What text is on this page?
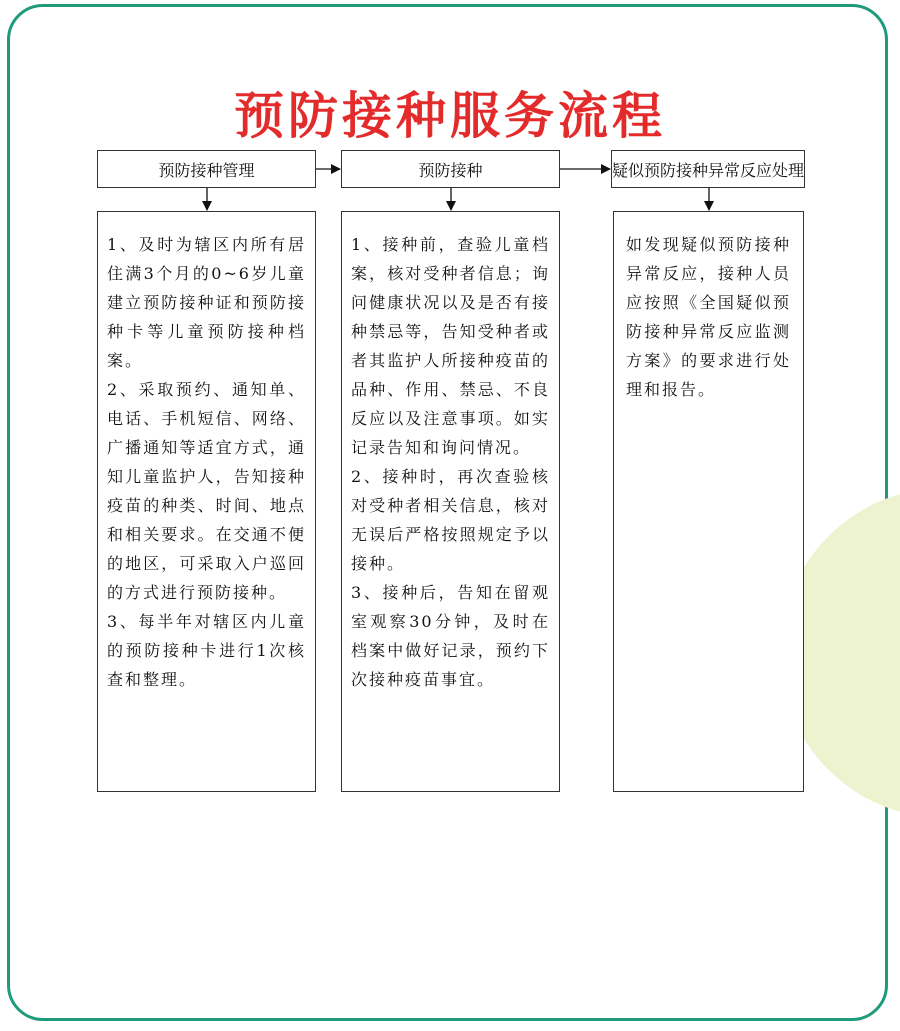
预防接种服务流程
预防接种管理

1、及时为辖区内所有居住满3个月的0~6岁儿童建立预防接种证和预防接种卡等儿童预防接种档案。

2、采取预约、通知单、电话、手机短信、网络、广播通知等适宜方式，通知儿童监护人，告知接种疫苗的种类、时间、地点和相关要求。在交通不便的地区，可采取入户巡回的方式进行预防接种。

3、每半年对辖区内儿童的预防接种卡进行1次核查和整理。

预防接种

1、接种前，查验儿童档案，核对受种者信息；询问健康状况以及是否有接种禁忌等，告知受种者或者其监护人所接种疫苗的品种、作用、禁忌、不良反应以及注意事项。如实记录告知和询问情况。

2、接种时，再次查验核对受种者相关信息，核对无误后严格按照规定予以接种。

3、接种后，告知在留观室观察30分钟，及时在档案中做好记录，预约下次接种疫苗事宜。

疑似预防接种异常反应处理

如发现疑似预防接种异常反应，接种人员应按照《全国疑似预防接种异常反应监测方案》的要求进行处理和报告。
